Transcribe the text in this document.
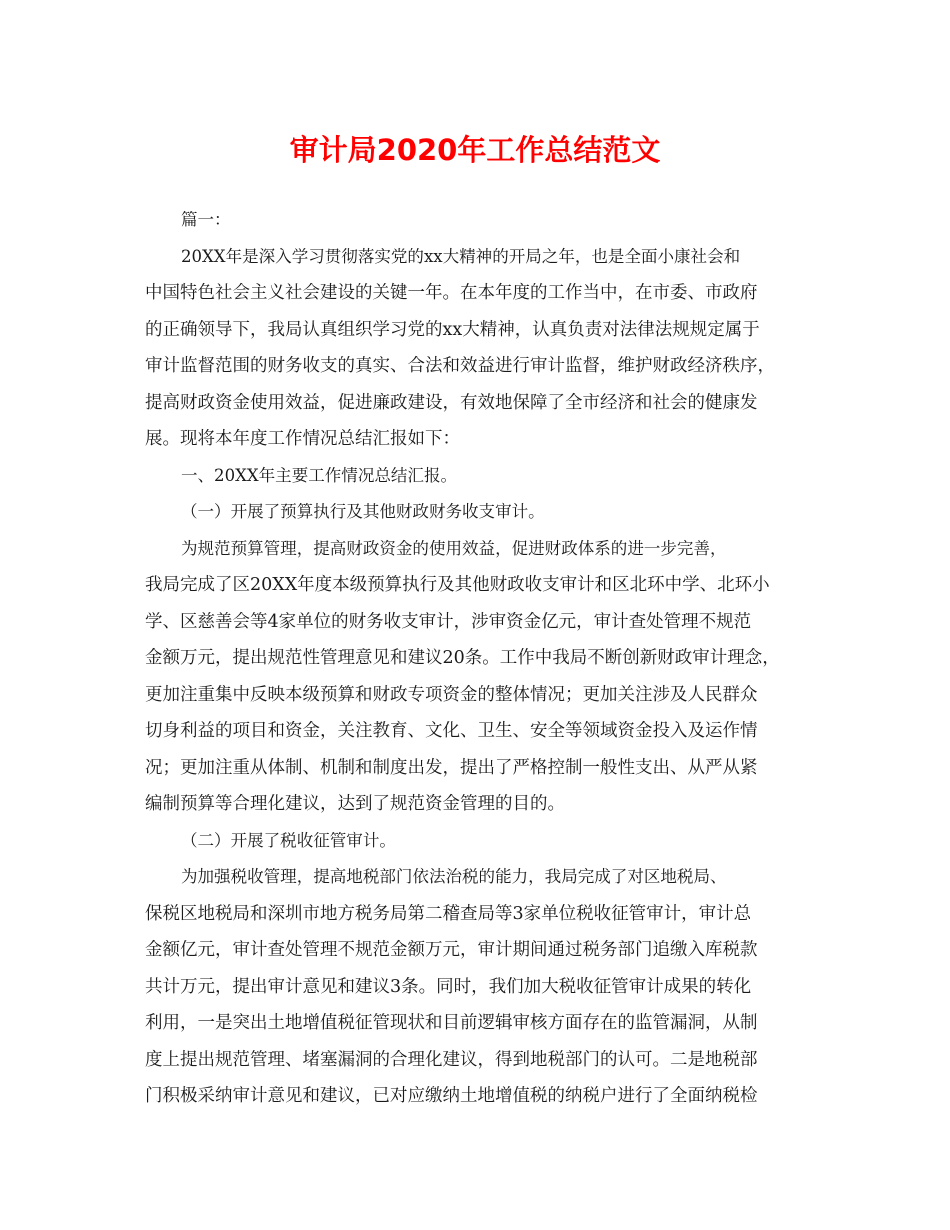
审计局2020年工作总结范文
篇一：
20XX年是深入学习贯彻落实党的xx大精神的开局之年，也是全面小康社会和
中国特色社会主义社会建设的关键一年。在本年度的工作当中，在市委、市政府
的正确领导下，我局认真组织学习党的xx大精神，认真负责对法律法规规定属于
审计监督范围的财务收支的真实、合法和效益进行审计监督，维护财政经济秩序，
提高财政资金使用效益，促进廉政建设，有效地保障了全市经济和社会的健康发
展。现将本年度工作情况总结汇报如下：
一、20XX年主要工作情况总结汇报。
（一）开展了预算执行及其他财政财务收支审计。
为规范预算管理，提高财政资金的使用效益，促进财政体系的进一步完善，
我局完成了区20XX年度本级预算执行及其他财政收支审计和区北环中学、北环小
学、区慈善会等4家单位的财务收支审计，涉审资金亿元，审计查处管理不规范
金额万元，提出规范性管理意见和建议20条。工作中我局不断创新财政审计理念，
更加注重集中反映本级预算和财政专项资金的整体情况；更加关注涉及人民群众
切身利益的项目和资金，关注教育、文化、卫生、安全等领域资金投入及运作情
况；更加注重从体制、机制和制度出发，提出了严格控制一般性支出、从严从紧
编制预算等合理化建议，达到了规范资金管理的目的。
（二）开展了税收征管审计。
为加强税收管理，提高地税部门依法治税的能力，我局完成了对区地税局、
保税区地税局和深圳市地方税务局第二稽查局等3家单位税收征管审计，审计总
金额亿元，审计查处管理不规范金额万元，审计期间通过税务部门追缴入库税款
共计万元，提出审计意见和建议3条。同时，我们加大税收征管审计成果的转化
利用，一是突出土地增值税征管现状和目前逻辑审核方面存在的监管漏洞，从制
度上提出规范管理、堵塞漏洞的合理化建议，得到地税部门的认可。二是地税部
门积极采纳审计意见和建议，已对应缴纳土地增值税的纳税户进行了全面纳税检
